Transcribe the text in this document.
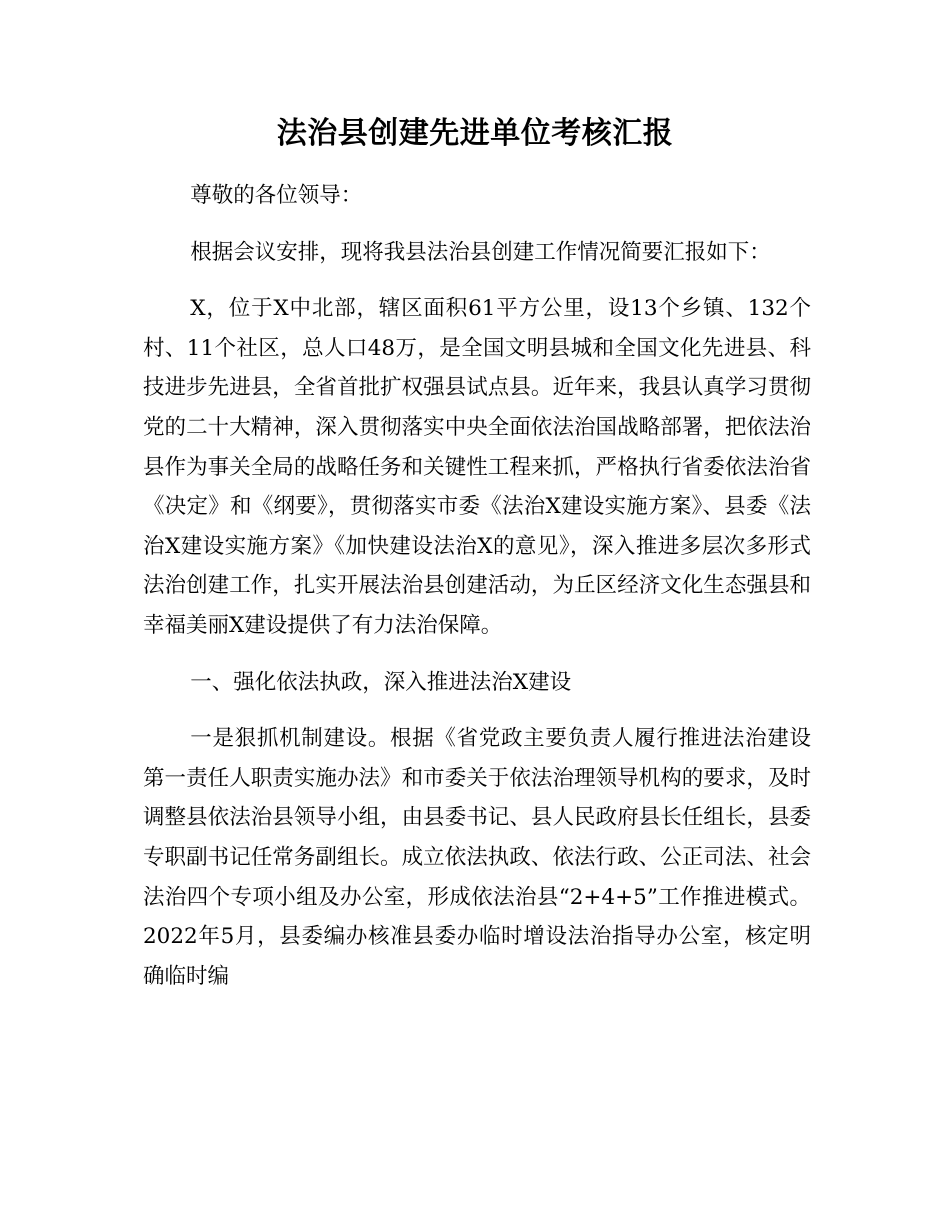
法治县创建先进单位考核汇报

尊敬的各位领导：

根据会议安排，现将我县法治县创建工作情况简要汇报如下：

X，位于X中北部，辖区面积61平方公里，设13个乡镇、132个村、11个社区，总人口48万，是全国文明县城和全国文化先进县、科技进步先进县，全省首批扩权强县试点县。近年来，我县认真学习贯彻党的二十大精神，深入贯彻落实中央全面依法治国战略部署，把依法治县作为事关全局的战略任务和关键性工程来抓，严格执行省委依法治省《决定》和《纲要》，贯彻落实市委《法治X建设实施方案》、县委《法治X建设实施方案》《加快建设法治X的意见》，深入推进多层次多形式法治创建工作，扎实开展法治县创建活动，为丘区经济文化生态强县和幸福美丽X建设提供了有力法治保障。

一、强化依法执政，深入推进法治X建设

一是狠抓机制建设。根据《省党政主要负责人履行推进法治建设第一责任人职责实施办法》和市委关于依法治理领导机构的要求，及时调整县依法治县领导小组，由县委书记、县人民政府县长任组长，县委专职副书记任常务副组长。成立依法执政、依法行政、公正司法、社会法治四个专项小组及办公室，形成依法治县“2+4+5”工作推进模式。2022年5月，县委编办核准县委办临时增设法治指导办公室，核定明确临时编
